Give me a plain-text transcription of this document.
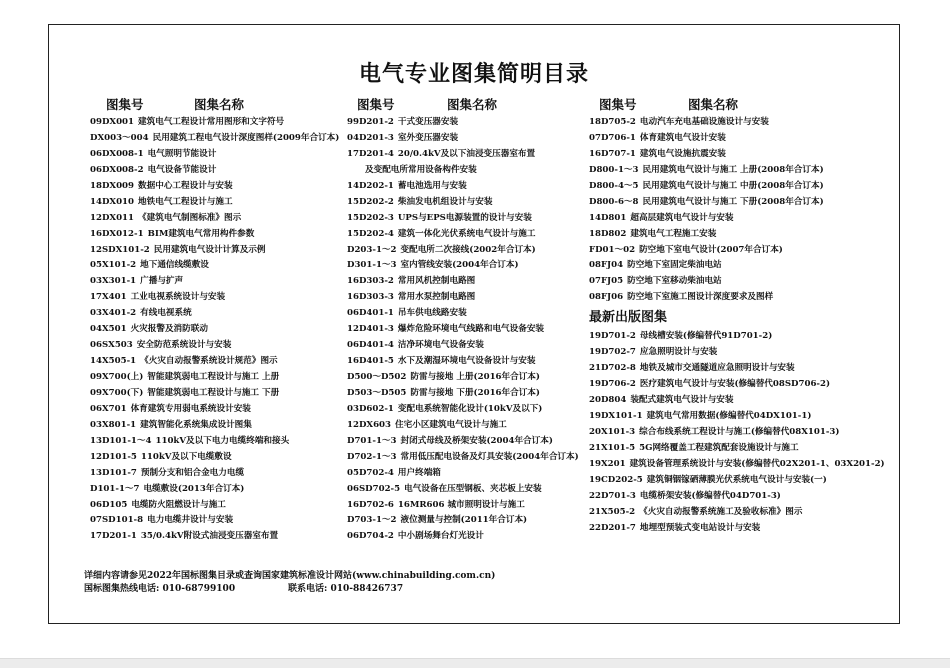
电气专业图集简明目录
图集号	图集名称
09DX001 建筑电气工程设计常用图形和文字符号
DX003～004 民用建筑工程电气设计深度图样(2009年合订本)
06DX008-1 电气照明节能设计
06DX008-2 电气设备节能设计
18DX009 数据中心工程设计与安装
14DX010 地铁电气工程设计与施工
12DX011 《建筑电气制图标准》图示
16DX012-1 BIM建筑电气常用构件参数
12SDX101-2 民用建筑电气设计计算及示例
05X101-2 地下通信线缆敷设
03X301-1 广播与扩声
17X401 工业电视系统设计与安装
03X401-2 有线电视系统
04X501 火灾报警及消防联动
06SX503 安全防范系统设计与安装
14X505-1 《火灾自动报警系统设计规范》图示
09X700(上) 智能建筑弱电工程设计与施工 上册
09X700(下) 智能建筑弱电工程设计与施工 下册
06X701 体育建筑专用弱电系统设计安装
03X801-1 建筑智能化系统集成设计图集
13D101-1～4 110kV及以下电力电缆终端和接头
12D101-5 110kV及以下电缆敷设
13D101-7 预制分支和铝合金电力电缆
D101-1～7 电缆敷设(2013年合订本)
06D105 电缆防火阻燃设计与施工
07SD101-8 电力电缆井设计与安装
17D201-1 35/0.4kV附设式油浸变压器室布置
图集号	图集名称
99D201-2 干式变压器安装
04D201-3 室外变压器安装
17D201-4 20/0.4kV及以下油浸变压器室布置
及变配电所常用设备构件安装
14D202-1 蓄电池选用与安装
15D202-2 柴油发电机组设计与安装
15D202-3 UPS与EPS电源装置的设计与安装
15D202-4 建筑一体化光伏系统电气设计与施工
D203-1～2 变配电所二次接线(2002年合订本)
D301-1～3 室内管线安装(2004年合订本)
16D303-2 常用风机控制电路图
16D303-3 常用水泵控制电路图
06D401-1 吊车供电线路安装
12D401-3 爆炸危险环境电气线路和电气设备安装
06D401-4 洁净环境电气设备安装
16D401-5 水下及潮湿环境电气设备设计与安装
D500～D502 防雷与接地 上册(2016年合订本)
D503～D505 防雷与接地 下册(2016年合订本)
03D602-1 变配电系统智能化设计(10kV及以下)
12DX603 住宅小区建筑电气设计与施工
D701-1～3 封闭式母线及桥架安装(2004年合订本)
D702-1～3 常用低压配电设备及灯具安装(2004年合订本)
05D702-4 用户终端箱
06SD702-5 电气设备在压型钢板、夹芯板上安装
16D702-6 16MR606 城市照明设计与施工
D703-1～2 液位测量与控制(2011年合订本)
06D704-2 中小剧场舞台灯光设计
图集号	图集名称
18D705-2 电动汽车充电基础设施设计与安装
07D706-1 体育建筑电气设计安装
16D707-1 建筑电气设施抗震安装
D800-1～3 民用建筑电气设计与施工 上册(2008年合订本)
D800-4～5 民用建筑电气设计与施工 中册(2008年合订本)
D800-6～8 民用建筑电气设计与施工 下册(2008年合订本)
14D801 超高层建筑电气设计与安装
18D802 建筑电气工程施工安装
FD01～02 防空地下室电气设计(2007年合订本)
08FJ04 防空地下室固定柴油电站
07FJ05 防空地下室移动柴油电站
08FJ06 防空地下室施工图设计深度要求及图样
最新出版图集
19D701-2 母线槽安装(修编替代91D701-2)
19D702-7 应急照明设计与安装
21D702-8 地铁及城市交通隧道应急照明设计与安装
19D706-2 医疗建筑电气设计与安装(修编替代08SD706-2)
20D804 装配式建筑电气设计与安装
19DX101-1 建筑电气常用数据(修编替代04DX101-1)
20X101-3 综合布线系统工程设计与施工(修编替代08X101-3)
21X101-5 5G网络覆盖工程建筑配套设施设计与施工
19X201 建筑设备管理系统设计与安装(修编替代02X201-1、03X201-2)
19CD202-5 建筑铜铟镓硒薄膜光伏系统电气设计与安装(一)
22D701-3 电缆桥架安装(修编替代04D701-3)
21X505-2 《火灾自动报警系统施工及验收标准》图示
22D201-7 地埋型预装式变电站设计与安装
详细内容请参见2022年国标图集目录或查询国家建筑标准设计网站(www.chinabuilding.com.cn)
国标图集热线电话: 010-68799100	联系电话: 010-88426737
